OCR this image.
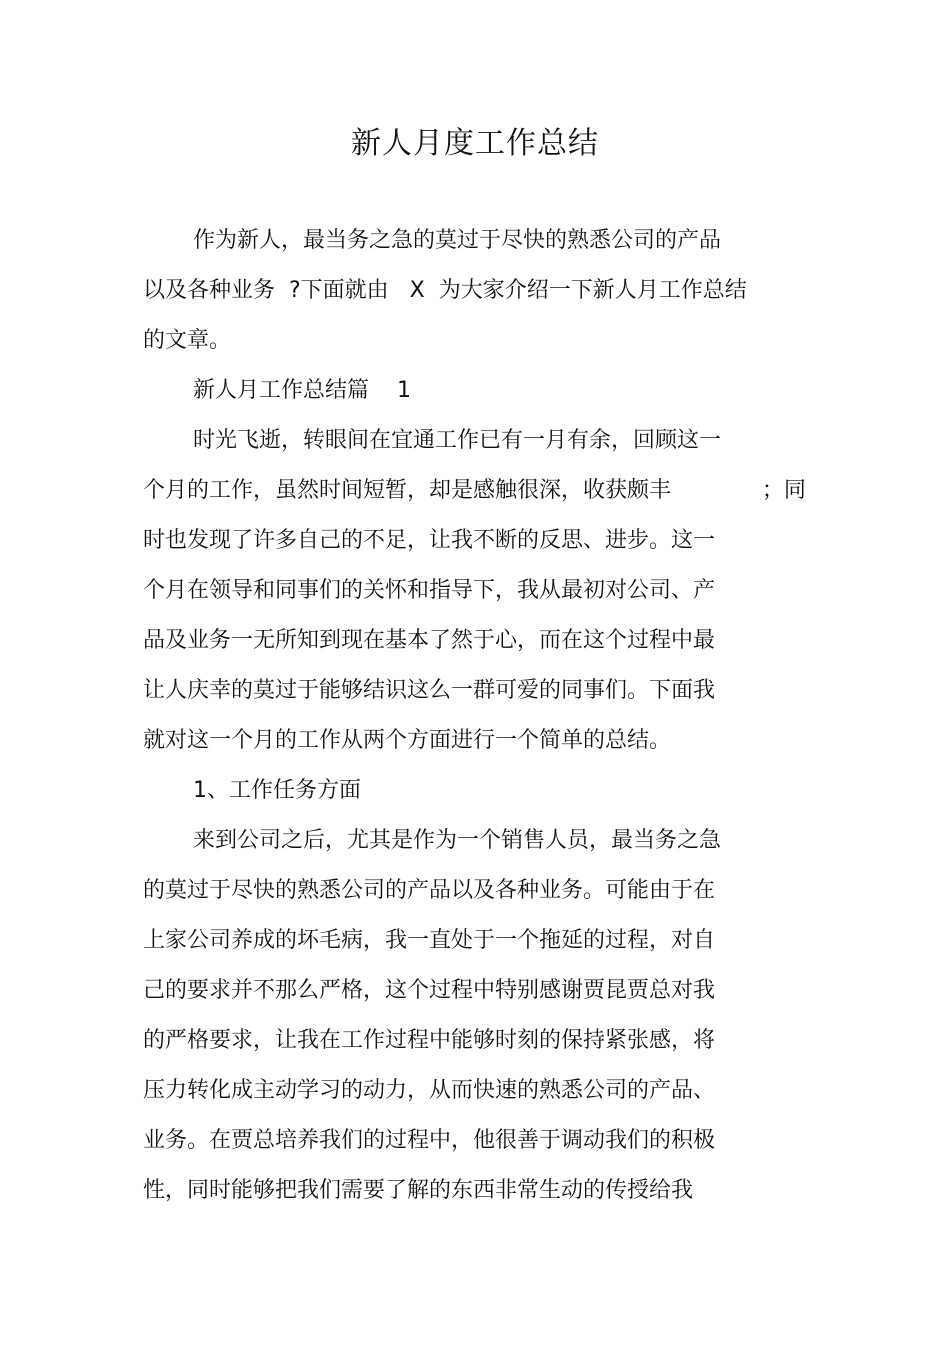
新人月度工作总结
作为新人，最当务之急的莫过于尽快的熟悉公司的产品
以及各种业务  ?下面就由   X  为大家介绍一下新人月工作总结
的文章。
新人月工作总结篇    1
时光飞逝，转眼间在宜通工作已有一月有余，回顾这一
个月的工作，虽然时间短暂，却是感触很深，收获颇丰             ；同
时也发现了许多自己的不足，让我不断的反思、进步。这一
个月在领导和同事们的关怀和指导下，我从最初对公司、产
品及业务一无所知到现在基本了然于心，而在这个过程中最
让人庆幸的莫过于能够结识这么一群可爱的同事们。下面我
就对这一个月的工作从两个方面进行一个简单的总结。
1、工作任务方面
来到公司之后，尤其是作为一个销售人员，最当务之急
的莫过于尽快的熟悉公司的产品以及各种业务。可能由于在
上家公司养成的坏毛病，我一直处于一个拖延的过程，对自
己的要求并不那么严格，这个过程中特别感谢贾昆贾总对我
的严格要求，让我在工作过程中能够时刻的保持紧张感，将
压力转化成主动学习的动力，从而快速的熟悉公司的产品、
业务。在贾总培养我们的过程中，他很善于调动我们的积极
性，同时能够把我们需要了解的东西非常生动的传授给我
